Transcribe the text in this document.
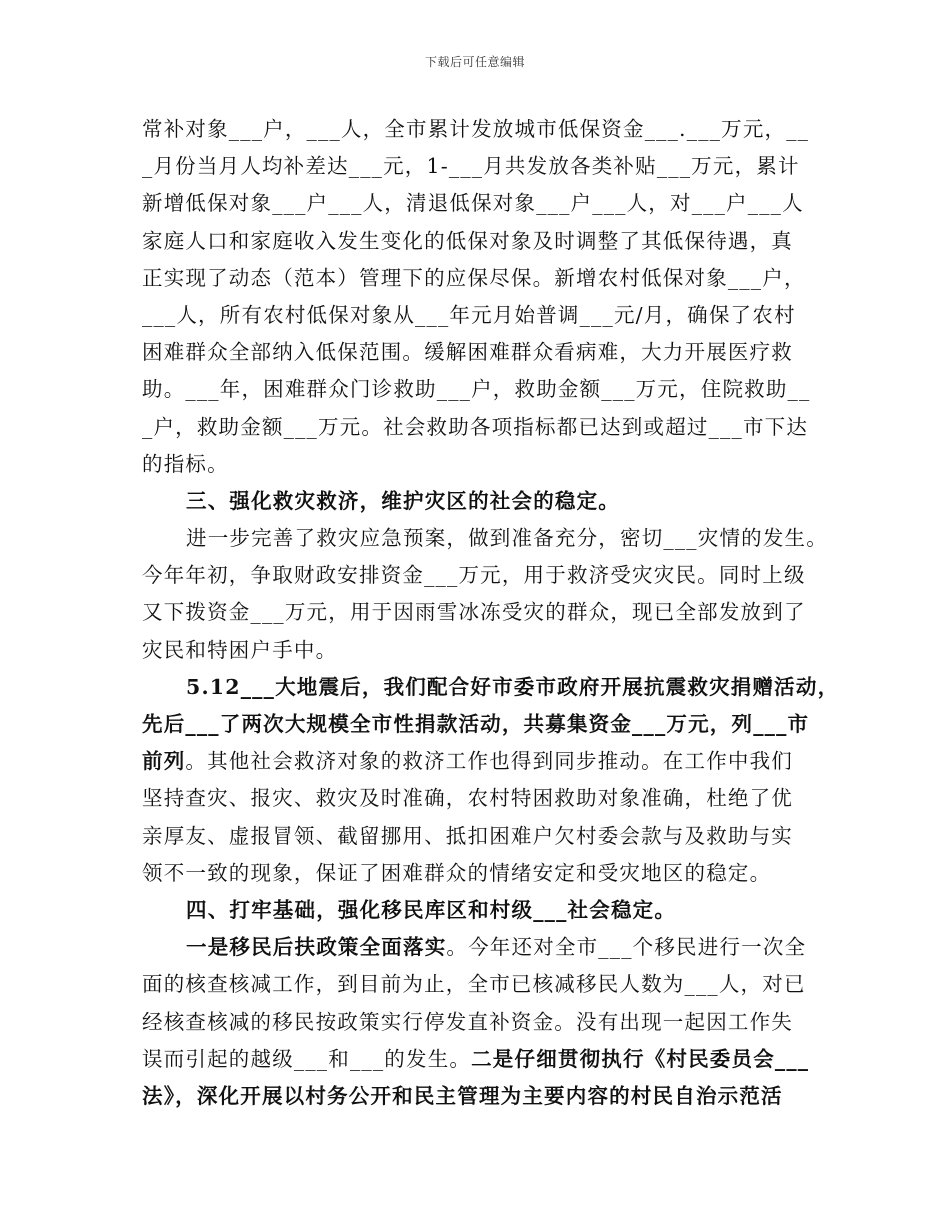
下载后可任意编辑
常补对象___户，___人，全市累计发放城市低保资金___.___万元，__
_月份当月人均补差达___元，1-___月共发放各类补贴___万元，累计
新增低保对象___户___人，清退低保对象___户___人，对___户___人
家庭人口和家庭收入发生变化的低保对象及时调整了其低保待遇，真
正实现了动态（范本）管理下的应保尽保。新增农村低保对象___户，
___人，所有农村低保对象从___年元月始普调___元/月，确保了农村
困难群众全部纳入低保范围。缓解困难群众看病难，大力开展医疗救
助。___年，困难群众门诊救助___户，救助金额___万元，住院救助__
_户，救助金额___万元。社会救助各项指标都已达到或超过___市下达
的指标。
三、强化救灾救济，维护灾区的社会的稳定。
进一步完善了救灾应急预案，做到准备充分，密切___灾情的发生。
今年年初，争取财政安排资金___万元，用于救济受灾灾民。同时上级
又下拨资金___万元，用于因雨雪冰冻受灾的群众，现已全部发放到了
灾民和特困户手中。
5.12___大地震后，我们配合好市委市政府开展抗震救灾捐赠活动，
先后___了两次大规模全市性捐款活动，共募集资金___万元，列___市
前列。其他社会救济对象的救济工作也得到同步推动。在工作中我们
坚持查灾、报灾、救灾及时准确，农村特困救助对象准确，杜绝了优
亲厚友、虚报冒领、截留挪用、抵扣困难户欠村委会款与及救助与实
领不一致的现象，保证了困难群众的情绪安定和受灾地区的稳定。
四、打牢基础，强化移民库区和村级___社会稳定。
一是移民后扶政策全面落实。今年还对全市___个移民进行一次全
面的核查核减工作，到目前为止，全市已核减移民人数为___人，对已
经核查核减的移民按政策实行停发直补资金。没有出现一起因工作失
误而引起的越级___和___的发生。二是仔细贯彻执行《村民委员会___
法》，深化开展以村务公开和民主管理为主要内容的村民自治示范活
